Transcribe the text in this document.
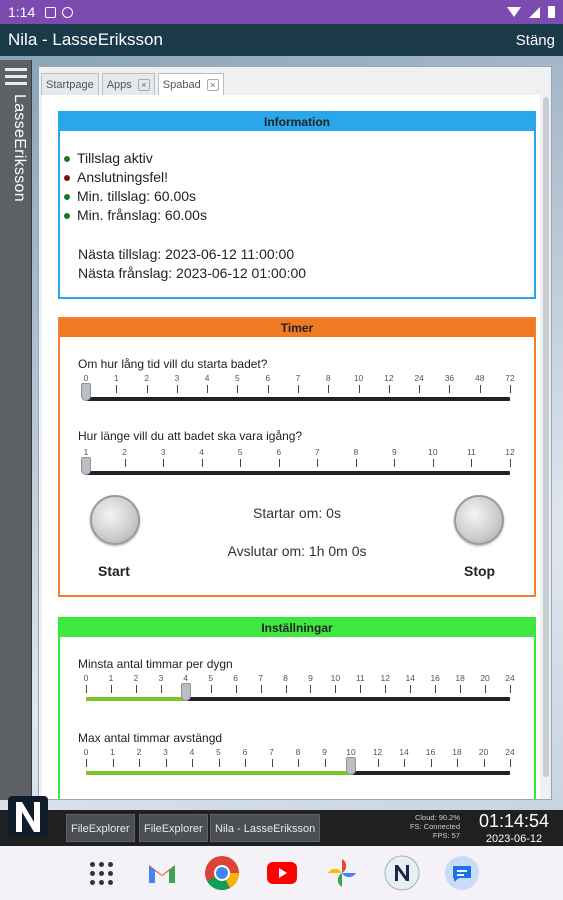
1:14
Nila - LasseEriksson	Stäng
LasseEriksson
Startpage Apps	×	Spabad	×
Information
Tillslag aktiv
Anslutningsfel!
Min. tillslag: 60.00s
Min. frånslag: 60.00s
Nästa tillslag: 2023-06-12 11:00:00
Nästa frånslag: 2023-06-12 01:00:00
Timer
Om hur lång tid vill du starta badet?
0	1	2	3	4	5	6	7	8	10 12 24 36 48 72
Hur länge vill du att badet ska vara igång?
1	2	3	4	5	6	7	8	9	10	11	12
Start	Stop
Startar om: 0s
Avslutar om: 1h 0m 0s
Inställningar
Minsta antal timmar per dygn
0 1 2 3 4 5 6 7 8 9 10 11 12 14 16 18 20 24
Max antal timmar avstängd
0	1	2	3	4	5	6	7	8	9 10 12 14 16 18 20 24
FileExplorer	FileExplorer	Nila - LasseEriksson
Cloud: 90.2%
FS: Connected
FPS: 57
01:14:54
2023-06-12
